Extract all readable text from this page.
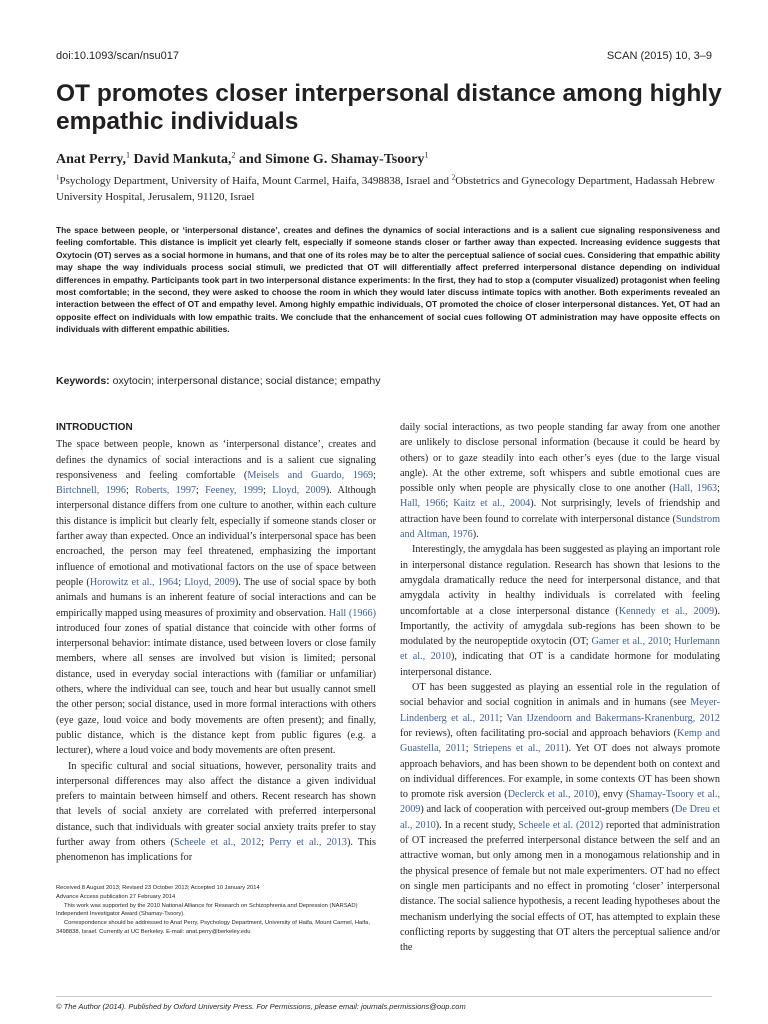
doi:10.1093/scan/nsu017	SCAN (2015) 10, 3–9
OT promotes closer interpersonal distance among highly empathic individuals
Anat Perry,$^1$ David Mankuta,$^2$ and Simone G. Shamay-Tsoory$^1$
$^1$Psychology Department, University of Haifa, Mount Carmel, Haifa, 3498838, Israel and $^2$Obstetrics and Gynecology Department, Hadassah Hebrew University Hospital, Jerusalem, 91120, Israel

The space between people, or ‘interpersonal distance’, creates and defines the dynamics of social interactions and is a salient cue signaling responsiveness and feeling comfortable. This distance is implicit yet clearly felt, especially if someone stands closer or farther away than expected. Increasing evidence suggests that Oxytocin (OT) serves as a social hormone in humans, and that one of its roles may be to alter the perceptual salience of social cues. Considering that empathic ability may shape the way individuals process social stimuli, we predicted that OT will differentially affect preferred interpersonal distance depending on individual differences in empathy. Participants took part in two interpersonal distance experiments: In the first, they had to stop a (computer visualized) protagonist when feeling most comfortable; in the second, they were asked to choose the room in which they would later discuss intimate topics with another. Both experiments revealed an interaction between the effect of OT and empathy level. Among highly empathic individuals, OT promoted the choice of closer interpersonal distances. Yet, OT had an opposite effect on individuals with low empathic traits. We conclude that the enhancement of social cues following OT administration may have opposite effects on individuals with different empathic abilities.

Keywords: oxytocin; interpersonal distance; social distance; empathy
INTRODUCTION

The space between people, known as ‘interpersonal distance’, creates and defines the dynamics of social interactions and is a salient cue signaling responsiveness and feeling comfortable (Meisels and Guardo, 1969; Birtchnell, 1996; Roberts, 1997; Feeney, 1999; Lloyd, 2009). Although interpersonal distance differs from one culture to another, within each culture this distance is implicit but clearly felt, especially if someone stands closer or farther away than expected. Once an individual’s interpersonal space has been encroached, the person may feel threatened, emphasizing the important influence of emotional and motivational factors on the use of space between people (Horowitz et al., 1964; Lloyd, 2009). The use of social space by both animals and humans is an inherent feature of social interactions and can be empirically mapped using measures of proximity and observation. Hall (1966) introduced four zones of spatial distance that coincide with other forms of interpersonal behavior: intimate distance, used between lovers or close family members, where all senses are involved but vision is limited; personal distance, used in everyday social interactions with (familiar or unfamiliar) others, where the individual can see, touch and hear but usually cannot smell the other person; social distance, used in more formal interactions with others (eye gaze, loud voice and body movements are often present); and finally, public distance, which is the distance kept from public figures (e.g. a lecturer), where a loud voice and body movements are often present.

In specific cultural and social situations, however, personality traits and interpersonal differences may also affect the distance a given individual prefers to maintain between himself and others. Recent research has shown that levels of social anxiety are correlated with preferred interpersonal distance, such that individuals with greater social anxiety traits prefer to stay further away from others (Scheele et al., 2012; Perry et al., 2013). This phenomenon has implications for

daily social interactions, as two people standing far away from one another are unlikely to disclose personal information (because it could be heard by others) or to gaze steadily into each other’s eyes (due to the large visual angle). At the other extreme, soft whispers and subtle emotional cues are possible only when people are physically close to one another (Hall, 1963; Hall, 1966; Kaitz et al., 2004). Not surprisingly, levels of friendship and attraction have been found to correlate with interpersonal distance (Sundstrom and Altman, 1976).

Interestingly, the amygdala has been suggested as playing an important role in interpersonal distance regulation. Research has shown that lesions to the amygdala dramatically reduce the need for interpersonal distance, and that amygdala activity in healthy individuals is correlated with feeling uncomfortable at a close interpersonal distance (Kennedy et al., 2009). Importantly, the activity of amygdala sub-regions has been shown to be modulated by the neuropeptide oxytocin (OT; Gamer et al., 2010; Hurlemann et al., 2010), indicating that OT is a candidate hormone for modulating interpersonal distance.

OT has been suggested as playing an essential role in the regulation of social behavior and social cognition in animals and in humans (see Meyer-Lindenberg et al., 2011; Van IJzendoorn and Bakermans-Kranenburg, 2012 for reviews), often facilitating pro-social and approach behaviors (Kemp and Guastella, 2011; Striepens et al., 2011). Yet OT does not always promote approach behaviors, and has been shown to be dependent both on context and on individual differences. For example, in some contexts OT has been shown to promote risk aversion (Declerck et al., 2010), envy (Shamay-Tsoory et al., 2009) and lack of cooperation with perceived out-group members (De Dreu et al., 2010). In a recent study, Scheele et al. (2012) reported that administration of OT increased the preferred interpersonal distance between the self and an attractive woman, but only among men in a monogamous relationship and in the physical presence of female but not male experimenters. OT had no effect on single men participants and no effect in promoting ‘closer’ interpersonal distance. The social salience hypothesis, a recent leading hypotheses about the mechanism underlying the social effects of OT, has attempted to explain these conflicting reports by suggesting that OT alters the perceptual salience and/or the

Received 8 August 2013; Revised 23 October 2013; Accepted 10 January 2014
Advance Access publication 27 February 2014
This work was supported by the 2010 National Alliance for Research on Schizophrenia and Depression (NARSAD) Independent Investigator Award (Shamay-Tsoory).
Correspondence should be addressed to Anat Perry, Psychology Department, University of Haifa, Mount Carmel, Haifa, 3498838, Israel. Currently at UC Berkeley. E-mail: anat.perry@berkeley.edu
© The Author (2014). Published by Oxford University Press. For Permissions, please email: journals.permissions@oup.com
